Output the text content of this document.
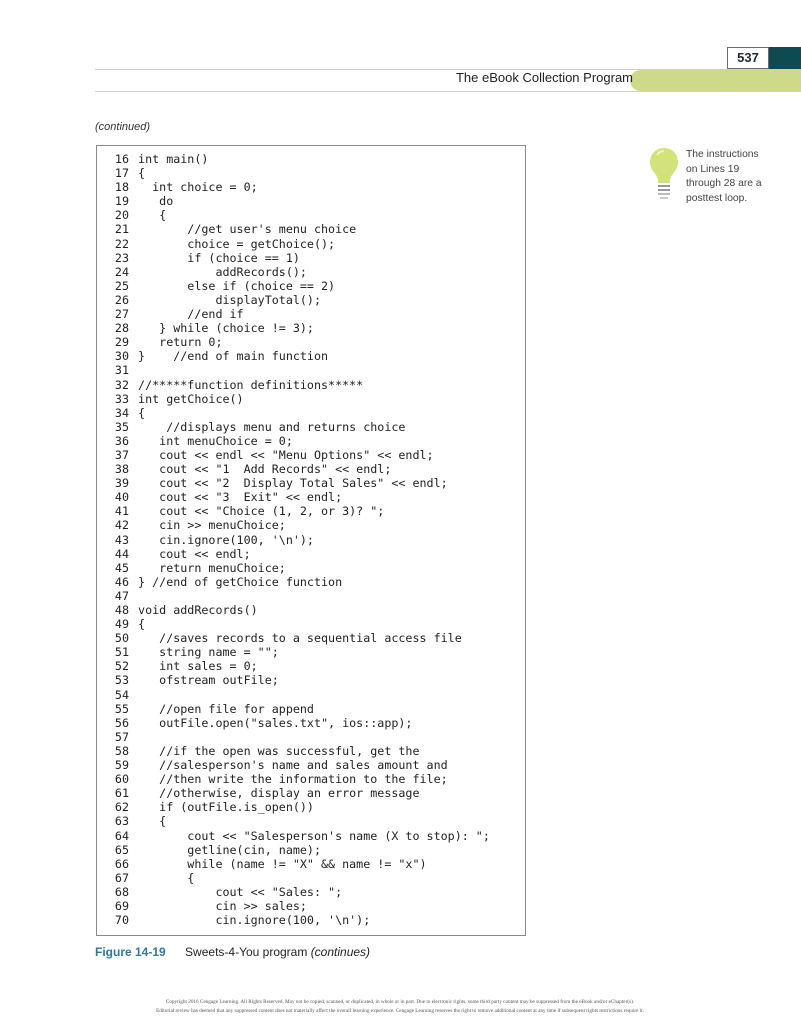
537
The eBook Collection Program
(continued)
16 int main()
17 {
18   int choice = 0;
19    do
20    {
21        //get user's menu choice
22        choice = getChoice();
23        if (choice == 1)
24            addRecords();
25        else if (choice == 2)
26            displayTotal();
27        //end if
28    } while (choice != 3);
29    return 0;
30 }    //end of main function
31
32 //*****function definitions*****
33 int getChoice()
34 {
35     //displays menu and returns choice
36    int menuChoice = 0;
37    cout << endl << "Menu Options" << endl;
38    cout << "1  Add Records" << endl;
39    cout << "2  Display Total Sales" << endl;
40    cout << "3  Exit" << endl;
41    cout << "Choice (1, 2, or 3)? ";
42    cin >> menuChoice;
43    cin.ignore(100, '\n');
44    cout << endl;
45    return menuChoice;
46 } //end of getChoice function
47
48 void addRecords()
49 {
50    //saves records to a sequential access file
51    string name = "";
52    int sales = 0;
53    ofstream outFile;
54
55    //open file for append
56    outFile.open("sales.txt", ios::app);
57
58    //if the open was successful, get the
59    //salesperson's name and sales amount and
60    //then write the information to the file;
61    //otherwise, display an error message
62    if (outFile.is_open())
63    {
64        cout << "Salesperson's name (X to stop): ";
65        getline(cin, name);
66        while (name != "X" && name != "x")
67        {
68            cout << "Sales: ";
69            cin >> sales;
70            cin.ignore(100, '\n');
The instructions on Lines 19 through 28 are a posttest loop.
Figure 14-19 Sweets-4-You program (continues)
Copyright 2016 Cengage Learning. All Rights Reserved. May not be copied, scanned, or duplicated, in whole or in part. Due to electronic rights, some third party content may be suppressed from the eBook and/or eChapter(s).
Editorial review has deemed that any suppressed content does not materially affect the overall learning experience. Cengage Learning reserves the right to remove additional content at any time if subsequent rights restrictions require it.
